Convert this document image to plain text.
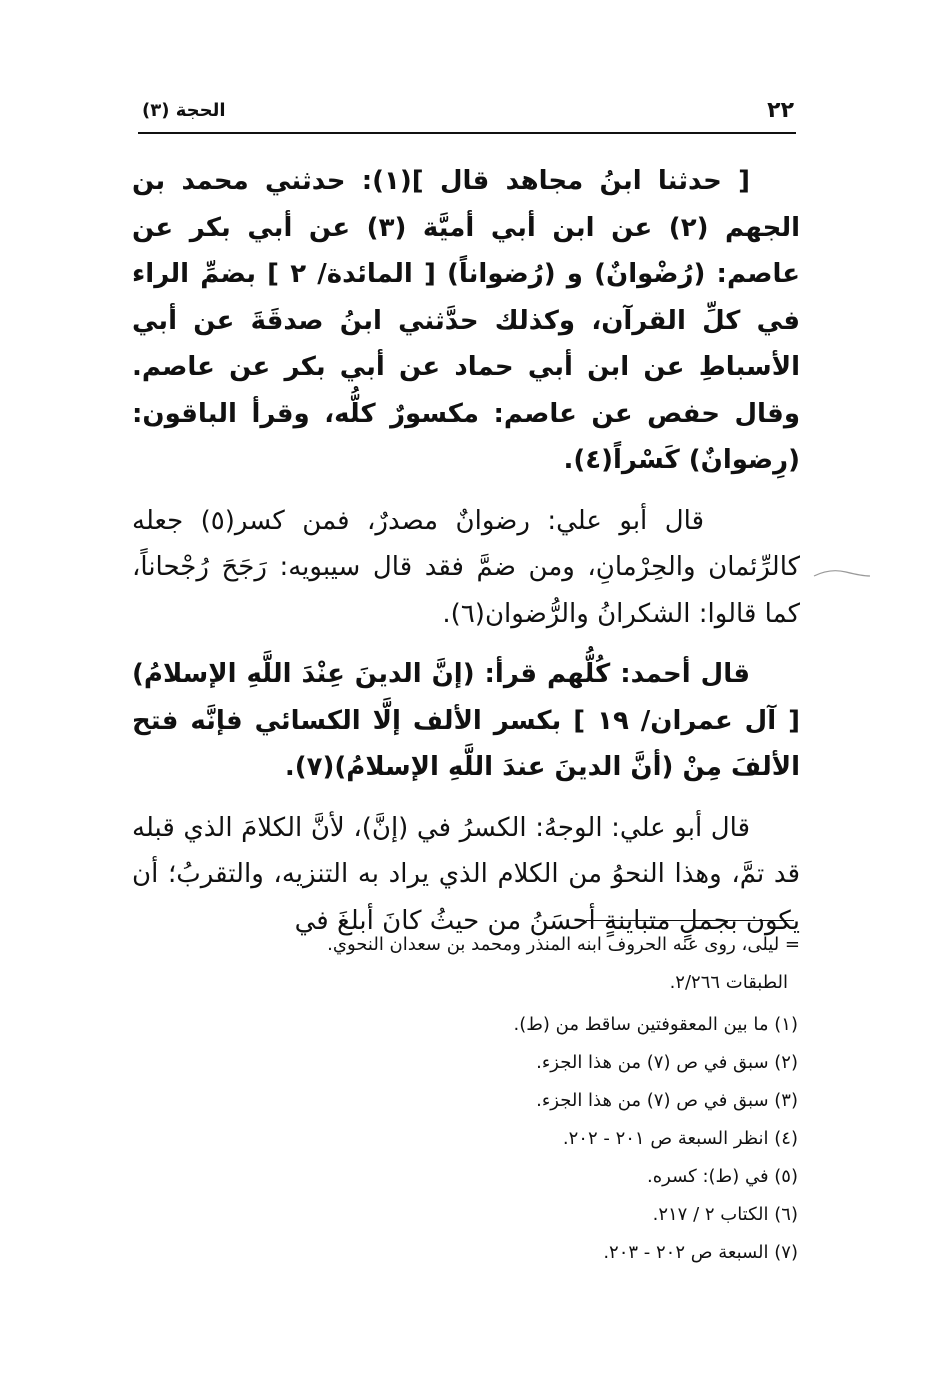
٢٢
الحجة (٣)

[ حدثنا ابنُ مجاهد قال ](١): حدثني محمد بن الجهم (٢) عن ابن أبي أميَّة (٣) عن أبي بكر عن عاصم: (رُضْوانٌ) و (رُضواناً) [ المائدة/ ٢ ] بضمِّ الراء في كلِّ القرآن، وكذلك حدَّثني ابنُ صدقَةَ عن أبي الأسباطِ عن ابن أبي حماد عن أبي بكر عن عاصم. وقال حفص عن عاصم: مكسورٌ كلُّه، وقرأ الباقون: (رِضوانٌ) كَسْراً(٤).

قال أبو علي: رضوانٌ مصدرٌ، فمن كسر(٥) جعله كالرِّئمان والحِرْمانِ، ومن ضمَّ فقد قال سيبويه: رَجَحَ رُجْحاناً، كما قالوا: الشكرانُ والرُّضوان(٦).

قال أحمد: كُلُّهم قرأ: (إنَّ الدينَ عِنْدَ اللَّهِ الإسلامُ) [ آل عمران/ ١٩ ] بكسر الألف إلَّا الكسائي فإنَّه فتح الألفَ مِنْ (أنَّ الدينَ عندَ اللَّهِ الإسلامُ)(٧).

قال أبو علي: الوجهُ: الكسرُ في (إنَّ)، لأنَّ الكلامَ الذي قبله قد تمَّ، وهذا النحوُ من الكلام الذي يراد به التنزيه، والتقربُ؛ أن يكون بجملٍ متباينةٍ أحسَنُ من حيثُ كانَ أبلغَ في

= ليلى، روى عنه الحروف ابنه المنذر ومحمد بن سعدان النحوي.

الطبقات ٢/٢٦٦.

(١) ما بين المعقوفتين ساقط من (ط).
(٢) سبق في ص (٧) من هذا الجزء.
(٣) سبق في ص (٧) من هذا الجزء.
(٤) انظر السبعة ص ٢٠١ - ٢٠٢.
(٥) في (ط): كسره.
(٦) الكتاب ٢ / ٢١٧.
(٧) السبعة ص ٢٠٢ - ٢٠٣.
